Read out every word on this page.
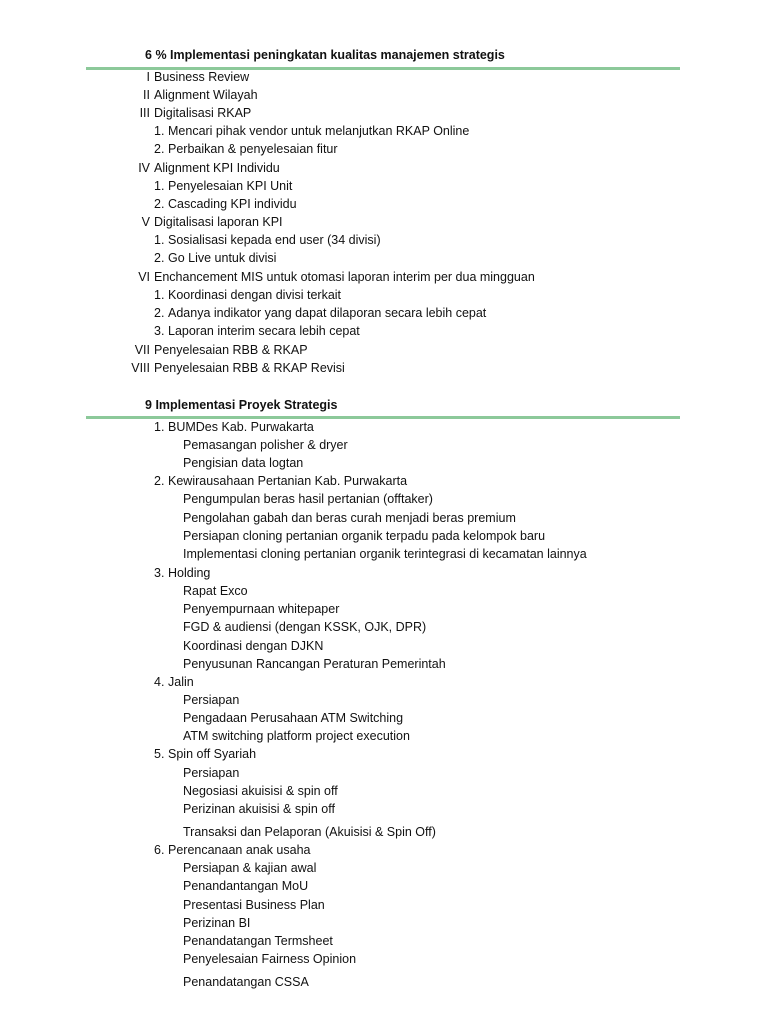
6 % Implementasi peningkatan kualitas manajemen strategis
I Business Review
II Alignment Wilayah
III Digitalisasi RKAP
1. Mencari pihak vendor untuk melanjutkan RKAP Online
2. Perbaikan & penyelesaian fitur
IV Alignment KPI Individu
1. Penyelesaian KPI Unit
2. Cascading KPI individu
V Digitalisasi laporan KPI
1. Sosialisasi kepada end user (34 divisi)
2. Go Live untuk divisi
VI Enchancement MIS untuk otomasi laporan interim per dua mingguan
1. Koordinasi dengan divisi terkait
2. Adanya indikator yang dapat dilaporan secara lebih cepat
3. Laporan interim secara lebih cepat
VII Penyelesaian RBB & RKAP
VIII Penyelesaian RBB & RKAP Revisi
9 Implementasi Proyek Strategis
1. BUMDes Kab. Purwakarta
Pemasangan polisher & dryer
Pengisian data logtan
2. Kewirausahaan Pertanian Kab. Purwakarta
Pengumpulan beras hasil pertanian (offtaker)
Pengolahan gabah dan beras curah menjadi beras premium
Persiapan cloning pertanian organik terpadu pada kelompok baru
Implementasi cloning pertanian organik terintegrasi di kecamatan lainnya
3. Holding
Rapat Exco
Penyempurnaan whitepaper
FGD & audiensi (dengan KSSK, OJK, DPR)
Koordinasi dengan DJKN
Penyusunan Rancangan Peraturan Pemerintah
4. Jalin
Persiapan
Pengadaan Perusahaan ATM Switching
ATM switching platform project execution
5. Spin off Syariah
Persiapan
Negosiasi akuisisi & spin off
Perizinan akuisisi & spin off
Transaksi dan Pelaporan (Akuisisi & Spin Off)
6. Perencanaan anak usaha
Persiapan & kajian awal
Penandantangan MoU
Presentasi Business Plan
Perizinan BI
Penandatangan Termsheet
Penyelesaian Fairness Opinion
Penandatangan CSSA
